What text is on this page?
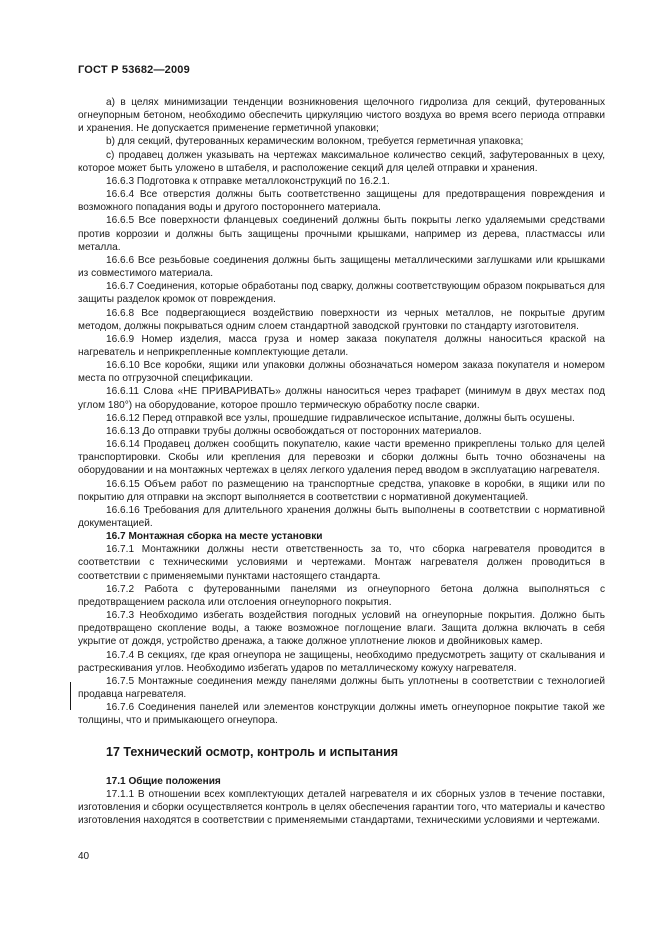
ГОСТ Р 53682—2009

а) в целях минимизации тенденции возникновения щелочного гидролиза для секций, футерованных огнеупорным бетоном, необходимо обеспечить циркуляцию чистого воздуха во время всего периода отправки и хранения. Не допускается применение герметичной упаковки;

b) для секций, футерованных керамическим волокном, требуется герметичная упаковка;

с) продавец должен указывать на чертежах максимальное количество секций, зафутерованных в цеху, которое может быть уложено в штабеля, и расположение секций для целей отправки и хранения.

16.6.3 Подготовка к отправке металлоконструкций по 16.2.1.

16.6.4 Все отверстия должны быть соответственно защищены для предотвращения повреждения и возможного попадания воды и другого постороннего материала.

16.6.5 Все поверхности фланцевых соединений должны быть покрыты легко удаляемыми средствами против коррозии и должны быть защищены прочными крышками, например из дерева, пластмассы или металла.

16.6.6 Все резьбовые соединения должны быть защищены металлическими заглушками или крышками из совместимого материала.

16.6.7 Соединения, которые обработаны под сварку, должны соответствующим образом покрываться для защиты разделок кромок от повреждения.

16.6.8 Все подвергающиеся воздействию поверхности из черных металлов, не покрытые другим методом, должны покрываться одним слоем стандартной заводской грунтовки по стандарту изготовителя.

16.6.9 Номер изделия, масса груза и номер заказа покупателя должны наноситься краской на нагреватель и неприкрепленные комплектующие детали.

16.6.10 Все коробки, ящики или упаковки должны обозначаться номером заказа покупателя и номером места по отгрузочной спецификации.

16.6.11 Слова «НЕ ПРИВАРИВАТЬ» должны наноситься через трафарет (минимум в двух местах под углом 180°) на оборудование, которое прошло термическую обработку после сварки.

16.6.12 Перед отправкой все узлы, прошедшие гидравлическое испытание, должны быть осушены.

16.6.13 До отправки трубы должны освобождаться от посторонних материалов.

16.6.14 Продавец должен сообщить покупателю, какие части временно прикреплены только для целей транспортировки. Скобы или крепления для перевозки и сборки должны быть точно обозначены на оборудовании и на монтажных чертежах в целях легкого удаления перед вводом в эксплуатацию нагревателя.

16.6.15 Объем работ по размещению на транспортные средства, упаковке в коробки, в ящики или по покрытию для отправки на экспорт выполняется в соответствии с нормативной документацией.

16.6.16 Требования для длительного хранения должны быть выполнены в соответствии с нормативной документацией.

16.7 Монтажная сборка на месте установки

16.7.1 Монтажники должны нести ответственность за то, что сборка нагревателя проводится в соответствии с техническими условиями и чертежами. Монтаж нагревателя должен проводиться в соответствии с применяемыми пунктами настоящего стандарта.

16.7.2 Работа с футерованными панелями из огнеупорного бетона должна выполняться с предотвращением раскола или отслоения огнеупорного покрытия.

16.7.3 Необходимо избегать воздействия погодных условий на огнеупорные покрытия. Должно быть предотвращено скопление воды, а также возможное поглощение влаги. Защита должна включать в себя укрытие от дождя, устройство дренажа, а также должное уплотнение люков и двойниковых камер.

16.7.4 В секциях, где края огнеупора не защищены, необходимо предусмотреть защиту от скалывания и растрескивания углов. Необходимо избегать ударов по металлическому кожуху нагревателя.

16.7.5 Монтажные соединения между панелями должны быть уплотнены в соответствии с технологией продавца нагревателя.

16.7.6 Соединения панелей или элементов конструкции должны иметь огнеупорное покрытие такой же толщины, что и примыкающего огнеупора.

17 Технический осмотр, контроль и испытания

17.1 Общие положения

17.1.1 В отношении всех комплектующих деталей нагревателя и их сборных узлов в течение поставки, изготовления и сборки осуществляется контроль в целях обеспечения гарантии того, что материалы и качество изготовления находятся в соответствии с применяемыми стандартами, техническими условиями и чертежами.

40
